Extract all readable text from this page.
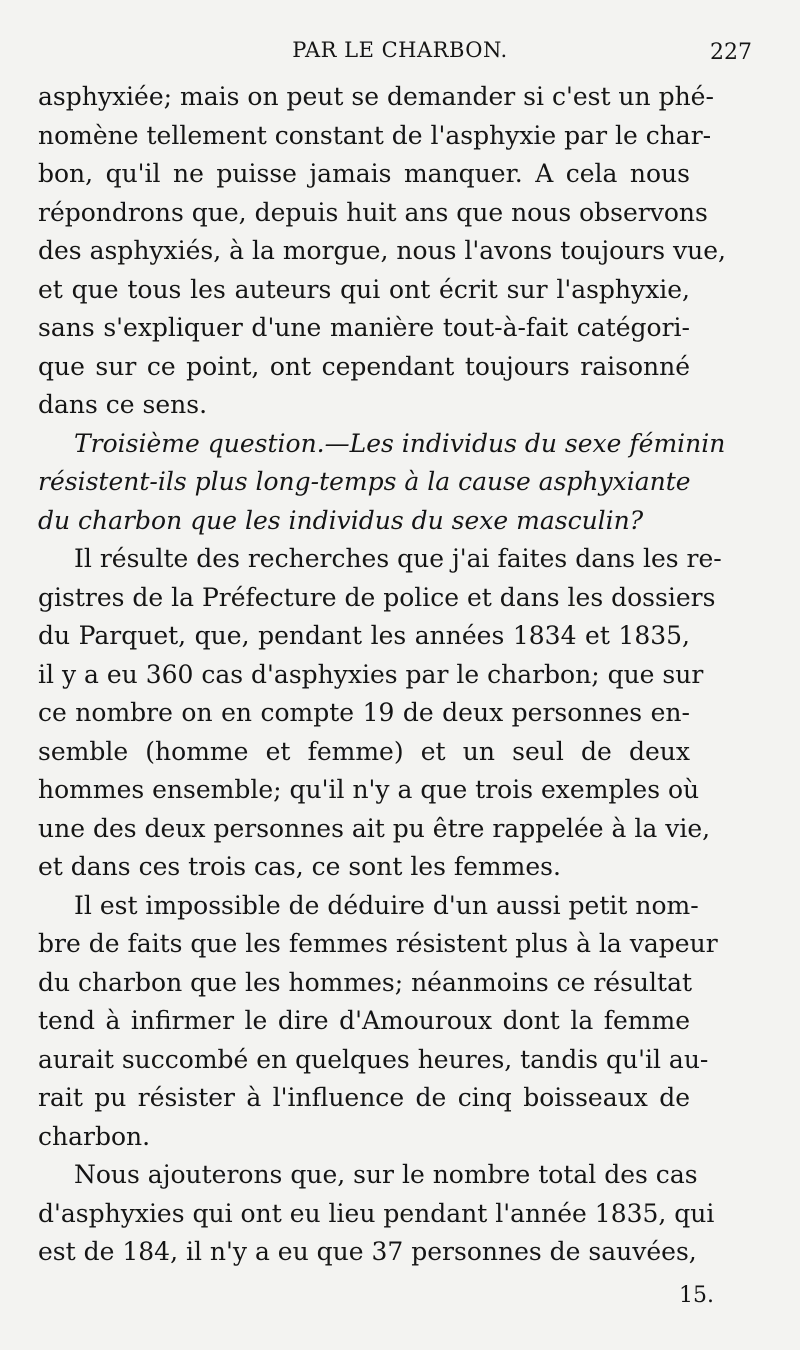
PAR LE CHARBON.	227
asphyxiée; mais on peut se demander si c'est un phé-
nomène tellement constant de l'asphyxie par le char-
bon, qu'il ne puisse jamais manquer. A cela nous
répondrons que, depuis huit ans que nous observons
des asphyxiés, à la morgue, nous l'avons toujours vue,
et que tous les auteurs qui ont écrit sur l'asphyxie,
sans s'expliquer d'une manière tout-à-fait catégori-
que sur ce point, ont cependant toujours raisonné
dans ce sens.
Troisième question.—Les individus du sexe féminin
résistent-ils plus long-temps à la cause asphyxiante
du charbon que les individus du sexe masculin?
Il résulte des recherches que j'ai faites dans les re-
gistres de la Préfecture de police et dans les dossiers
du Parquet, que, pendant les années 1834 et 1835,
il y a eu 360 cas d'asphyxies par le charbon; que sur
ce nombre on en compte 19 de deux personnes en-
semble (homme et femme) et un seul de deux
hommes ensemble; qu'il n'y a que trois exemples où
une des deux personnes ait pu être rappelée à la vie,
et dans ces trois cas, ce sont les femmes.
Il est impossible de déduire d'un aussi petit nom-
bre de faits que les femmes résistent plus à la vapeur
du charbon que les hommes; néanmoins ce résultat
tend à infirmer le dire d'Amouroux dont la femme
aurait succombé en quelques heures, tandis qu'il au-
rait pu résister à l'influence de cinq boisseaux de
charbon.
Nous ajouterons que, sur le nombre total des cas
d'asphyxies qui ont eu lieu pendant l'année 1835, qui
est de 184, il n'y a eu que 37 personnes de sauvées,
15.
